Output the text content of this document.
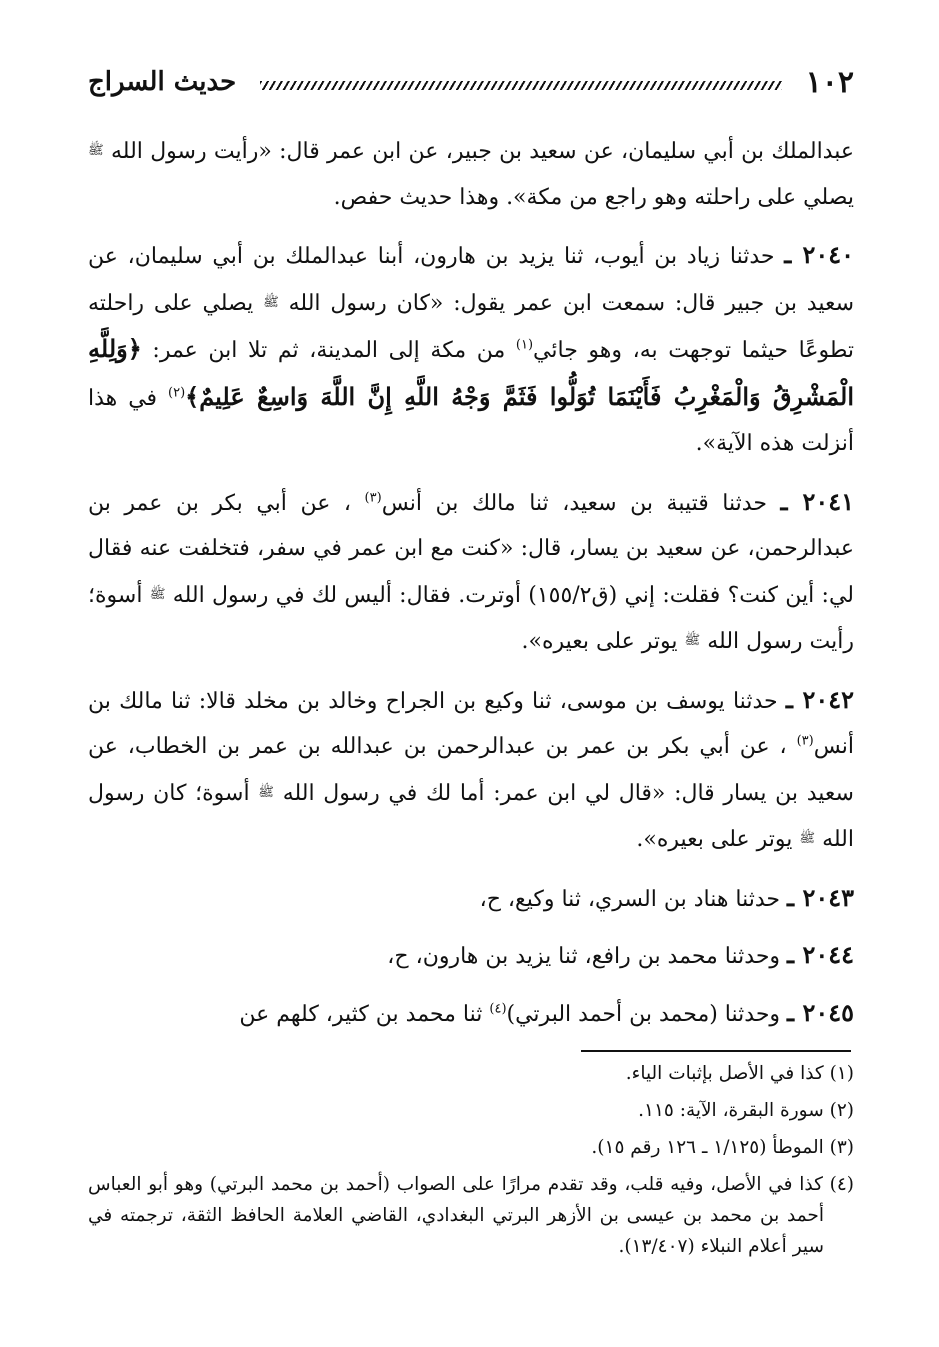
١٠٢
حديث السراج

عبدالملك بن أبي سليمان، عن سعيد بن جبير، عن ابن عمر قال: «رأيت رسول الله ﷺ يصلي على راحلته وهو راجع من مكة». وهذا حديث حفص.

٢٠٤٠ ـ حدثنا زياد بن أيوب، ثنا يزيد بن هارون، أبنا عبدالملك بن أبي سليمان، عن سعيد بن جبير قال: سمعت ابن عمر يقول: «كان رسول الله ﷺ يصلي على راحلته تطوعًا حيثما توجهت به، وهو جائي$^{(١)}$ من مكة إلى المدينة، ثم تلا ابن عمر: ﴿وَلِلَّهِ الْمَشْرِقُ وَالْمَغْرِبُ فَأَيْنَمَا تُوَلُّوا فَثَمَّ وَجْهُ اللَّهِ إِنَّ اللَّهَ وَاسِعٌ عَلِيمٌ﴾$^{(٢)}$ في هذا أنزلت هذه الآية».

٢٠٤١ ـ حدثنا قتيبة بن سعيد، ثنا مالك بن أنس$^{(٣)}$ ، عن أبي بكر بن عمر بن عبدالرحمن، عن سعيد بن يسار، قال: «كنت مع ابن عمر في سفر، فتخلفت عنه فقال لي: أين كنت؟ فقلت: إني (ق١٥٥/٢) أوترت. فقال: أليس لك في رسول الله ﷺ أسوة؛ رأيت رسول الله ﷺ يوتر على بعيره».

٢٠٤٢ ـ حدثنا يوسف بن موسى، ثنا وكيع بن الجراح وخالد بن مخلد قالا: ثنا مالك بن أنس$^{(٣)}$ ، عن أبي بكر بن عمر بن عبدالرحمن بن عبدالله بن عمر بن الخطاب، عن سعيد بن يسار قال: «قال لي ابن عمر: أما لك في رسول الله ﷺ أسوة؛ كان رسول الله ﷺ يوتر على بعيره».

٢٠٤٣ ـ حدثنا هناد بن السري، ثنا وكيع، ح،

٢٠٤٤ ـ وحدثنا محمد بن رافع، ثنا يزيد بن هارون، ح،

٢٠٤٥ ـ وحدثنا (محمد بن أحمد البرتي)$^{(٤)}$ ثنا محمد بن كثير، كلهم عن

(١) كذا في الأصل بإثبات الياء.

(٢) سورة البقرة، الآية: ١١٥.

(٣) الموطأ (١/١٢٥ ـ ١٢٦ رقم ١٥).

(٤) كذا في الأصل، وفيه قلب، وقد تقدم مرارًا على الصواب (أحمد بن محمد البرتي) وهو أبو العباس أحمد بن محمد بن عيسى بن الأزهر البرتي البغدادي، القاضي العلامة الحافظ الثقة، ترجمته في سير أعلام النبلاء (١٣/٤٠٧).
